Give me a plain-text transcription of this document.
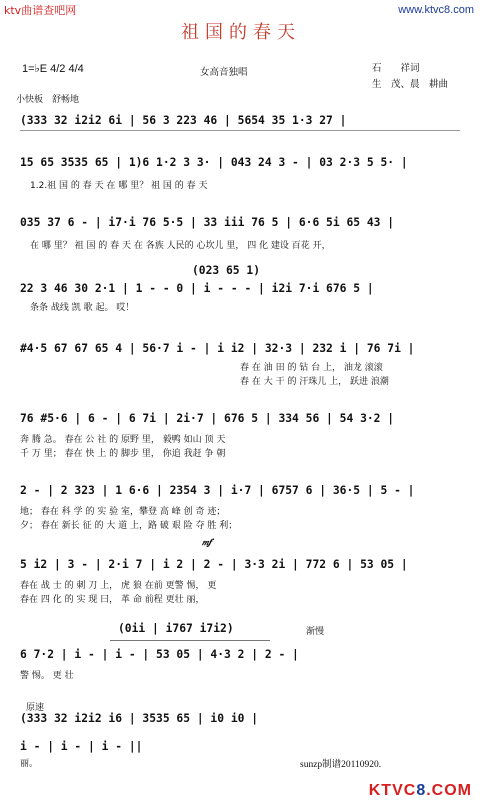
ktv曲谱查吧网	www.ktvc8.com
祖国的春天
1=♭E 4/2 4/4	女高音独唱	石　　祥词
生　茂、晨　耕曲
小快板　舒畅地
(333 32 i2i2 6i | 56 3 223 46 | 5654 35 1·3 27 |
15 65 3535 65 | 1)6 1·2 3 3· | 043 24 3 - | 03 2·3 5 5· |
1.2.祖 国 的 春 天 在 哪 里？ 祖 国 的 春 天
035 37 6 - | i7·i 76 5·5 | 33 iii 76 5 | 6·6 5i 65 43 |
在 哪 里？ 祖 国 的 春 天 在 各族 人民的 心坎儿 里， 四 化 建设 百花 开，
(023 65 1)
22 3 46 30 2·1 | 1 - - 0 | i - - - | i2i 7·i 676 5 |
条条 战线 凯 歌 起。 哎！
#4·5 67 67 65 4 | 56·7 i - | i i2 | 32·3 | 232 i | 76 7i |
春 在 油 田 的 钻 台 上， 油龙 滚滚
春 在 大 干 的 汗珠儿 上， 跃进 浪潮
76 #5·6 | 6 - | 6 7i | 2i·7 | 676 5 | 334 56 | 54 3·2 |
奔 腾 急。 春在 公 社 的 原野 里， 毅鸭 如山 顶 天
千 万 里； 春在 快 上 的 脚步 里， 你追 我赶 争 朝
2 - | 2 323 | 1 6·6 | 2354 3 | i·7 | 6757 6 | 36·5 | 5 - |
地； 春在 科 学 的 实 验 室，攀登 高 峰 创 奇 迹；
夕； 春在 新长 征 的 大 道 上，路 破 艰 险 夺 胜 利；
𝆐𝆑
5 i2 | 3 - | 2·i 7 | i 2 | 2 - | 3·3 2i | 772 6 | 53 05 |
春在 战 士 的 刺 刀 上， 虎 狼 在前 更警 惕， 更
春在 四 化 的 实 现 曰， 革 命 前程 更壮 丽，
(0ii | i767 i7i2)	渐慢
6 7·2 | i - | i - | 53 05 | 4·3 2 | 2 - |
警 惕。 更 壮
原速
(333 32 i2i2 i6 | 3535 65 | i0 i0 |
i - | i - | i - ||
丽。	sunzp制谱20110920.
KTVC8.COM
